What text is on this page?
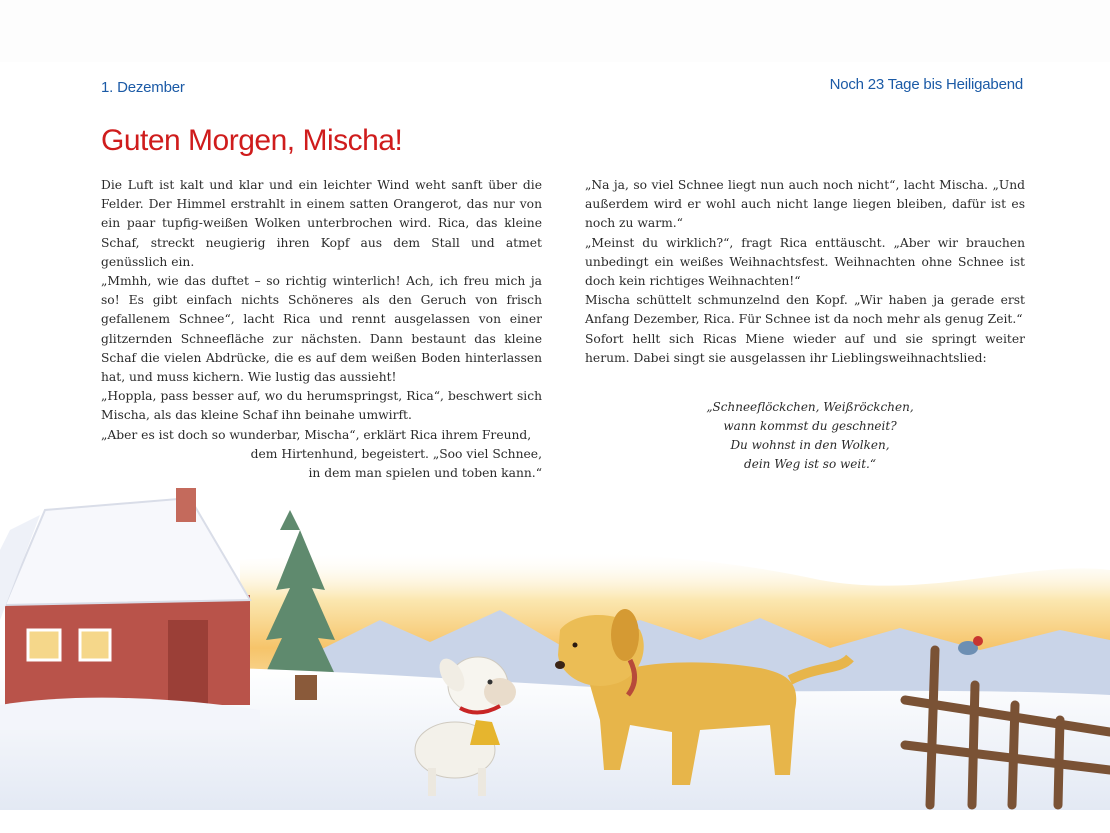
1. Dezember	Noch 23 Tage bis Heiligabend
Guten Morgen, Mischa!

Die Luft ist kalt und klar und ein leichter Wind weht sanft über die Felder. Der Himmel erstrahlt in einem satten Orangerot, das nur von ein paar tupfig-weißen Wolken unterbrochen wird. Rica, das kleine Schaf, streckt neugierig ihren Kopf aus dem Stall und atmet genüsslich ein.

„Mmhh, wie das duftet – so richtig winterlich! Ach, ich freu mich ja so! Es gibt einfach nichts Schöneres als den Geruch von frisch gefallenem Schnee“, lacht Rica und rennt ausgelassen von einer glitzernden Schneefläche zur nächsten. Dann bestaunt das kleine Schaf die vielen Abdrücke, die es auf dem weißen Boden hinterlassen hat, und muss kichern. Wie lustig das aussieht!

„Hoppla, pass besser auf, wo du herumspringst, Rica“, beschwert sich Mischa, als das kleine Schaf ihn beinahe umwirft.

„Aber es ist doch so wunderbar, Mischa“, erklärt Rica ihrem Freund,

dem Hirtenhund, begeistert. „Soo viel Schnee,

in dem man spielen und toben kann.“

„Na ja, so viel Schnee liegt nun auch noch nicht“, lacht Mischa. „Und außerdem wird er wohl auch nicht lange liegen bleiben, dafür ist es noch zu warm.“

„Meinst du wirklich?“, fragt Rica enttäuscht. „Aber wir brauchen unbedingt ein weißes Weihnachtsfest. Weihnachten ohne Schnee ist doch kein richtiges Weihnachten!“

Mischa schüttelt schmunzelnd den Kopf. „Wir haben ja gerade erst Anfang Dezember, Rica. Für Schnee ist da noch mehr als genug Zeit.“

Sofort hellt sich Ricas Miene wieder auf und sie springt weiter herum. Dabei singt sie ausgelassen ihr Lieblingsweihnachtslied:

„Schneeflöckchen, Weißröckchen,
wann kommst du geschneit?
Du wohnst in den Wolken,
dein Weg ist so weit.“
